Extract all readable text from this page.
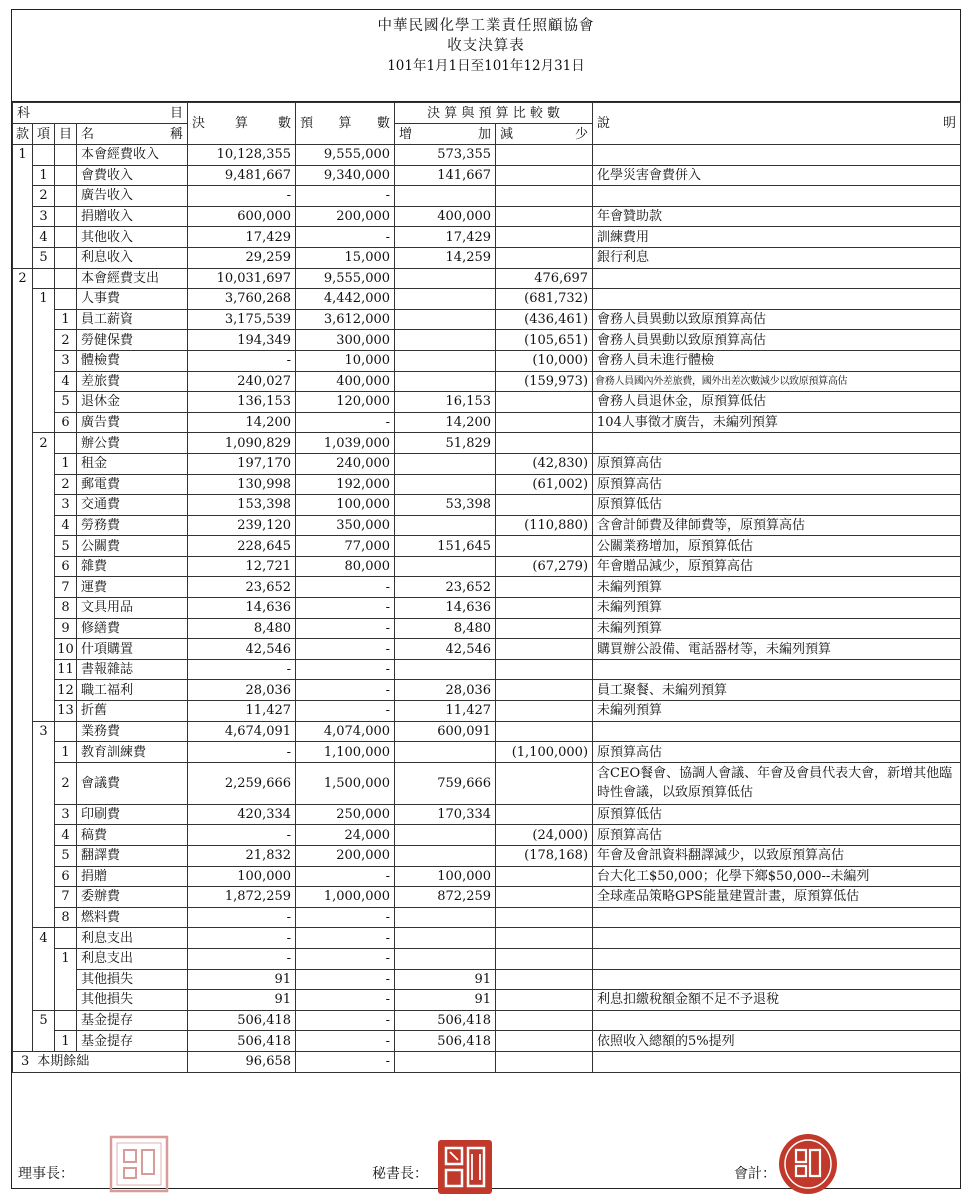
中華民國化學工業責任照顧協會
收支決算表
101年1月1日至101年12月31日
科 目				決 算 數	預 算 數	決 算 與 預 算 比 較 數		說 明

款	項	目	名 稱			增 加	減 少	

1			本會經費收入	10,128,355	9,555,000	573,355		
	1		會費收入	9,481,667	9,340,000	141,667		化學災害會費併入
	2		廣告收入	-	-			
	3		捐贈收入	600,000	200,000	400,000		年會贊助款
	4		其他收入	17,429	-	17,429		訓練費用
	5		利息收入	29,259	15,000	14,259		銀行利息
2			本會經費支出	10,031,697	9,555,000		476,697	
	1		人事費	3,760,268	4,442,000		(681,732)	
		1	員工薪資	3,175,539	3,612,000		(436,461)	會務人員異動以致原預算高估
		2	勞健保費	194,349	300,000		(105,651)	會務人員異動以致原預算高估
		3	體檢費	-	10,000		(10,000)	會務人員未進行體檢
		4	差旅費	240,027	400,000		(159,973)	會務人員國內外差旅費，國外出差次數減少以致原預算高估
		5	退休金	136,153	120,000	16,153		會務人員退休金，原預算低估
		6	廣告費	14,200	-	14,200		104人事徵才廣告，未編列預算
	2		辦公費	1,090,829	1,039,000	51,829		
		1	租金	197,170	240,000		(42,830)	原預算高估
		2	郵電費	130,998	192,000		(61,002)	原預算高估
		3	交通費	153,398	100,000	53,398		原預算低估
		4	勞務費	239,120	350,000		(110,880)	含會計師費及律師費等，原預算高估
		5	公關費	228,645	77,000	151,645		公關業務增加，原預算低估
		6	雜費	12,721	80,000		(67,279)	年會贈品減少，原預算高估
		7	運費	23,652	-	23,652		未編列預算
		8	文具用品	14,636	-	14,636		未編列預算
		9	修繕費	8,480	-	8,480		未編列預算
		10	什項購置	42,546	-	42,546		購買辦公設備、電話器材等，未編列預算
		11	書報雜誌	-	-			
		12	職工福利	28,036	-	28,036		員工聚餐、未編列預算
		13	折舊	11,427	-	11,427		未編列預算
	3		業務費	4,674,091	4,074,000	600,091		
		1	教育訓練費	-	1,100,000		(1,100,000)	原預算高估
		2	會議費	2,259,666	1,500,000	759,666		含CEO餐會、協調人會議、年會及會員代表大會，新增其他臨時性會議，以致原預算低估
		3	印刷費	420,334	250,000	170,334		原預算低估
		4	稿費	-	24,000		(24,000)	原預算高估
		5	翻譯費	21,832	200,000		(178,168)	年會及會訊資料翻譯減少，以致原預算高估
		6	捐贈	100,000	-	100,000		台大化工$50,000；化學下鄉$50,000--未編列
		7	委辦費	1,872,259	1,000,000	872,259		全球產品策略GPS能量建置計畫，原預算低估
		8	燃料費	-	-			
	4		利息支出	-	-			
		1	利息支出	-	-			
			其他損失	91	-	91		
			其他損失	91	-	91		利息扣繳稅額金額不足不予退稅
	5		基金提存	506,418	-	506,418		
		1	基金提存	506,418	-	506,418		依照收入總額的5%提列
3 本期餘絀				96,658	-			
理事長：	秘書長：	會計：
